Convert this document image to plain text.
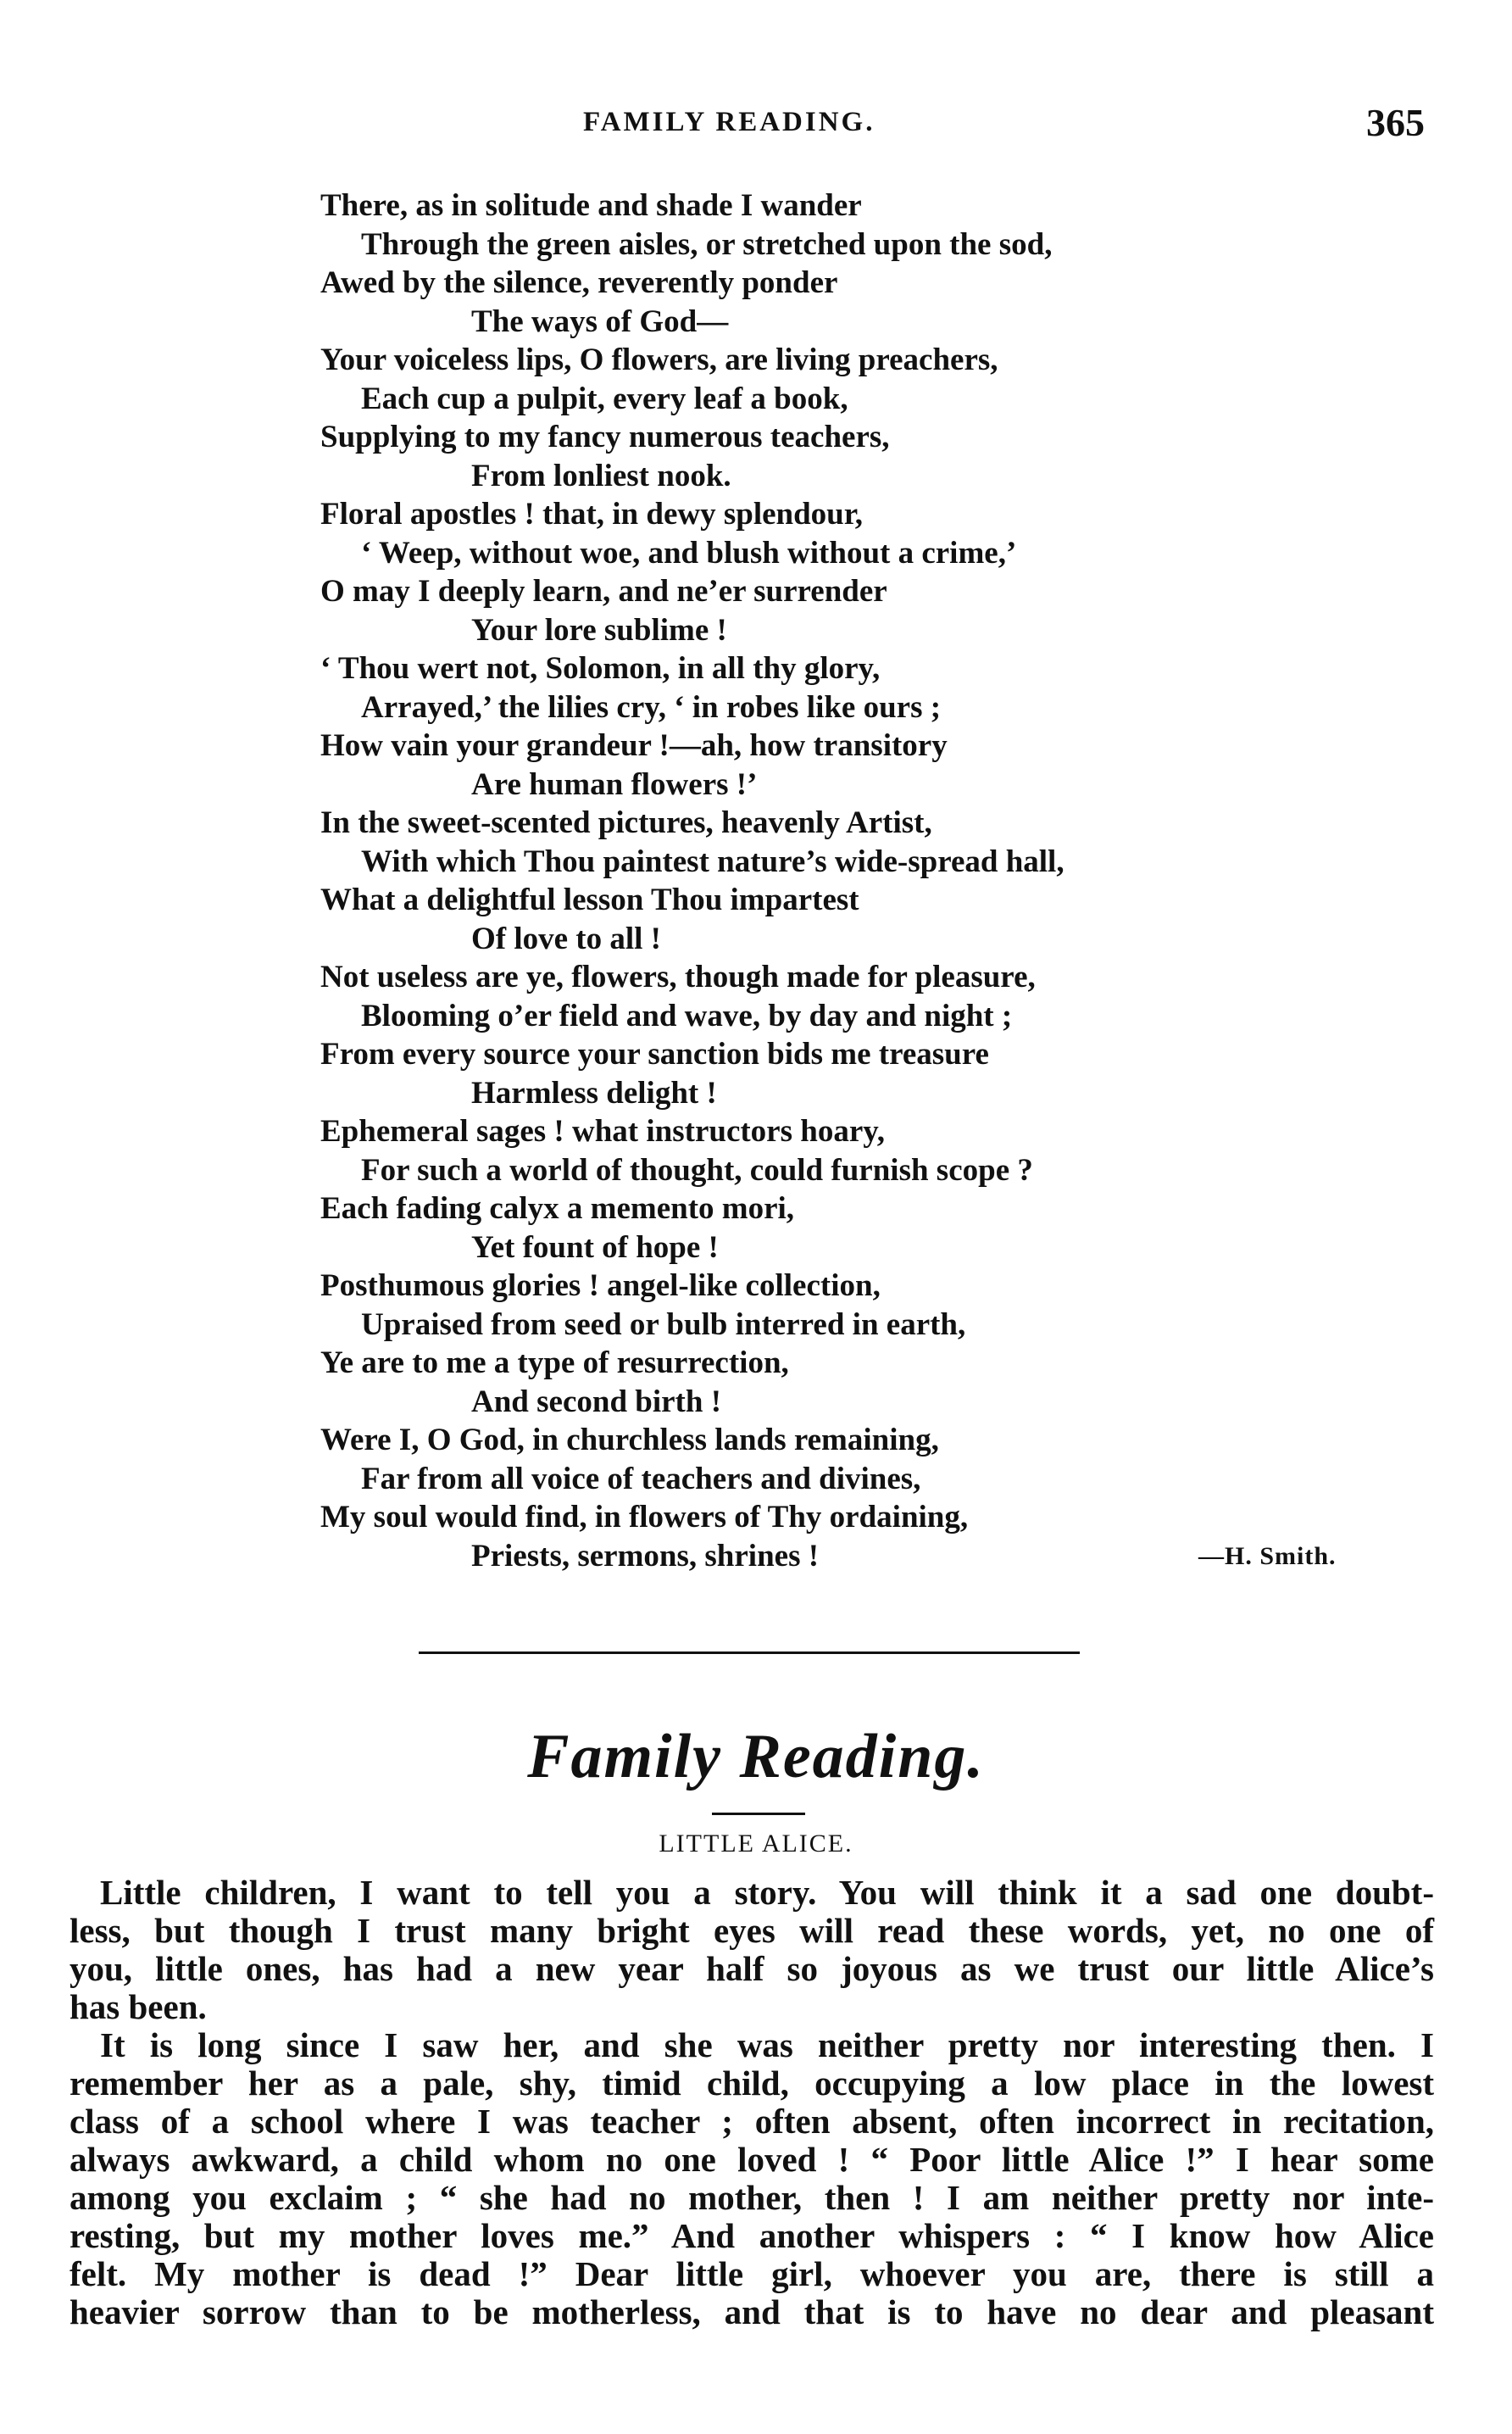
FAMILY READING.	365
There, as in solitude and shade I wander
Through the green aisles, or stretched upon the sod,
Awed by the silence, reverently ponder
The ways of God—
Your voiceless lips, O flowers, are living preachers,
Each cup a pulpit, every leaf a book,
Supplying to my fancy numerous teachers,
From lonliest nook.
Floral apostles ! that, in dewy splendour,
‘ Weep, without woe, and blush without a crime,’
O may I deeply learn, and ne’er surrender
Your lore sublime !
‘ Thou wert not, Solomon, in all thy glory,
Arrayed,’ the lilies cry, ‘ in robes like ours ;
How vain your grandeur !—ah, how transitory
Are human flowers !’
In the sweet-scented pictures, heavenly Artist,
With which Thou paintest nature’s wide-spread hall,
What a delightful lesson Thou impartest
Of love to all !
Not useless are ye, flowers, though made for pleasure,
Blooming o’er field and wave, by day and night ;
From every source your sanction bids me treasure
Harmless delight !
Ephemeral sages ! what instructors hoary,
For such a world of thought, could furnish scope ?
Each fading calyx a memento mori,
Yet fount of hope !
Posthumous glories ! angel-like collection,
Upraised from seed or bulb interred in earth,
Ye are to me a type of resurrection,
And second birth !
Were I, O God, in churchless lands remaining,
Far from all voice of teachers and divines,
My soul would find, in flowers of Thy ordaining,
Priests, sermons, shrines !	—H. Smith.
Family Reading.
LITTLE ALICE.
Little children, I want to tell you a story. You will think it a sad one doubt-
less, but though I trust many bright eyes will read these words, yet, no one of
you, little ones, has had a new year half so joyous as we trust our little Alice’s
has been.
It is long since I saw her, and she was neither pretty nor interesting then. I
remember her as a pale, shy, timid child, occupying a low place in the lowest
class of a school where I was teacher ; often absent, often incorrect in recitation,
always awkward, a child whom no one loved ! “ Poor little Alice !” I hear some
among you exclaim ; “ she had no mother, then ! I am neither pretty nor inte-
resting, but my mother loves me.” And another whispers : “ I know how Alice
felt. My mother is dead !” Dear little girl, whoever you are, there is still a
heavier sorrow than to be motherless, and that is to have no dear and pleasant
